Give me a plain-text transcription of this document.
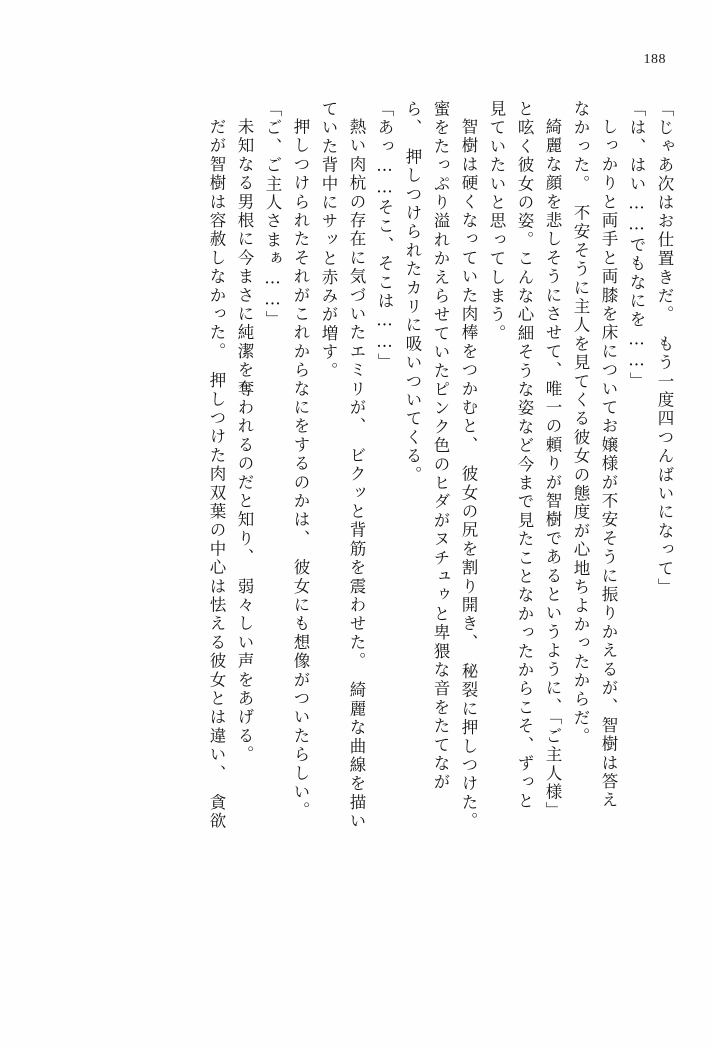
188
「じゃあ次はお仕置きだ。　もう一度四つんばいになって」
「は、はい……でもなにを……」
しっかりと両手と両膝を床についてお嬢様が不安そうに振りかえるが、智樹は答え
なかった。　不安そうに主人を見てくる彼女の態度が心地ちよかったからだ。
綺麗な顔を悲しそうにさせて、唯一の頼りが智樹であるというように、「ご主人様」
と呟く彼女の姿。こんな心細そうな姿など今まで見たことなかったからこそ、ずっと
見ていたいと思ってしまう。
智樹は硬くなっていた肉棒をつかむと、　彼女の尻を割り開き、　秘裂に押しつけた。
蜜をたっぷり溢れかえらせていたピンク色のヒダがヌチュゥと卑猥な音をたてなが
ら、　押しつけられたカリに吸いついてくる。
「あっ……そこ、そこは……」
熱い肉杭の存在に気づいたエミリが、　ビクッと背筋を震わせた。　綺麗な曲線を描い
ていた背中にサッと赤みが増す。
押しつけられたそれがこれからなにをするのかは、　彼女にも想像がついたらしい。
「ご、ご主人さまぁ……」
未知なる男根に今まさに純潔を奪われるのだと知り、　弱々しい声をあげる。
だが智樹は容赦しなかった。　押しつけた肉双葉の中心は怯える彼女とは違い、　貪欲
